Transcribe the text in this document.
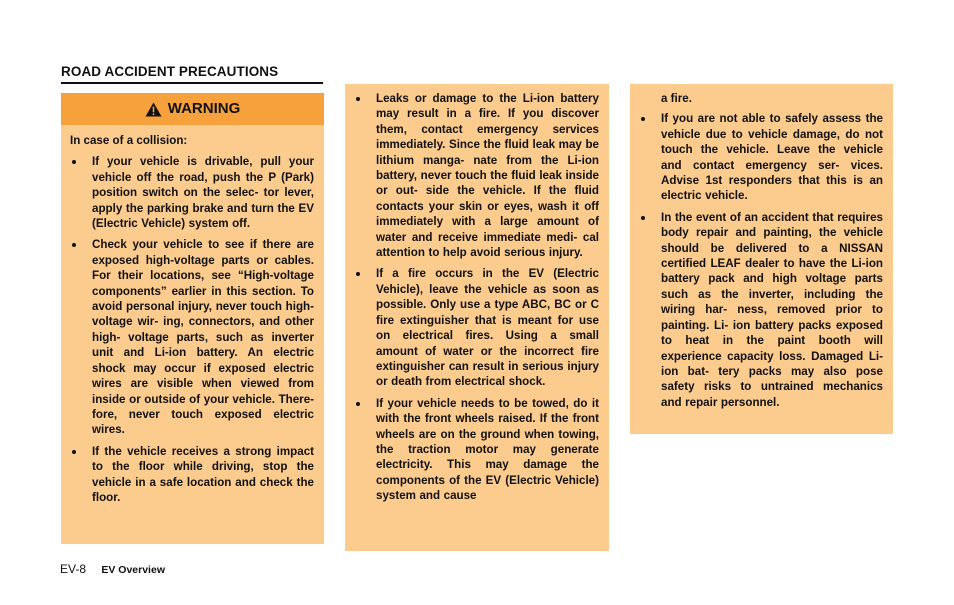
ROAD ACCIDENT PRECAUTIONS
WARNING
In case of a collision:
If your vehicle is drivable, pull your vehicle off the road, push the P (Park) position switch on the selec- tor lever, apply the parking brake and turn the EV (Electric Vehicle) system off.
Check your vehicle to see if there are exposed high-voltage parts or cables. For their locations, see “High-voltage components” earlier in this section. To avoid personal injury, never touch high-voltage wir- ing, connectors, and other high- voltage parts, such as inverter unit and Li-ion battery. An electric shock may occur if exposed electric wires are visible when viewed from inside or outside of your vehicle. There- fore, never touch exposed electric wires.
If the vehicle receives a strong impact to the floor while driving, stop the vehicle in a safe location and check the floor.
Leaks or damage to the Li-ion battery may result in a fire. If you discover them, contact emergency services immediately. Since the fluid leak may be lithium manga- nate from the Li-ion battery, never touch the fluid leak inside or out- side the vehicle. If the fluid contacts your skin or eyes, wash it off immediately with a large amount of water and receive immediate medi- cal attention to help avoid serious injury.
If a fire occurs in the EV (Electric Vehicle), leave the vehicle as soon as possible. Only use a type ABC, BC or C fire extinguisher that is meant for use on electrical fires. Using a small amount of water or the incorrect fire extinguisher can result in serious injury or death from electrical shock.
If your vehicle needs to be towed, do it with the front wheels raised. If the front wheels are on the ground when towing, the traction motor may generate electricity. This may damage the components of the EV (Electric Vehicle) system and cause
a fire.
If you are not able to safely assess the vehicle due to vehicle damage, do not touch the vehicle. Leave the vehicle and contact emergency ser- vices. Advise 1st responders that this is an electric vehicle.
In the event of an accident that requires body repair and painting, the vehicle should be delivered to a NISSAN certified LEAF dealer to have the Li-ion battery pack and high voltage parts such as the inverter, including the wiring har- ness, removed prior to painting. Li- ion battery packs exposed to heat in the paint booth will experience capacity loss. Damaged Li-ion bat- tery packs may also pose safety risks to untrained mechanics and repair personnel.
EV-8 EV Overview
